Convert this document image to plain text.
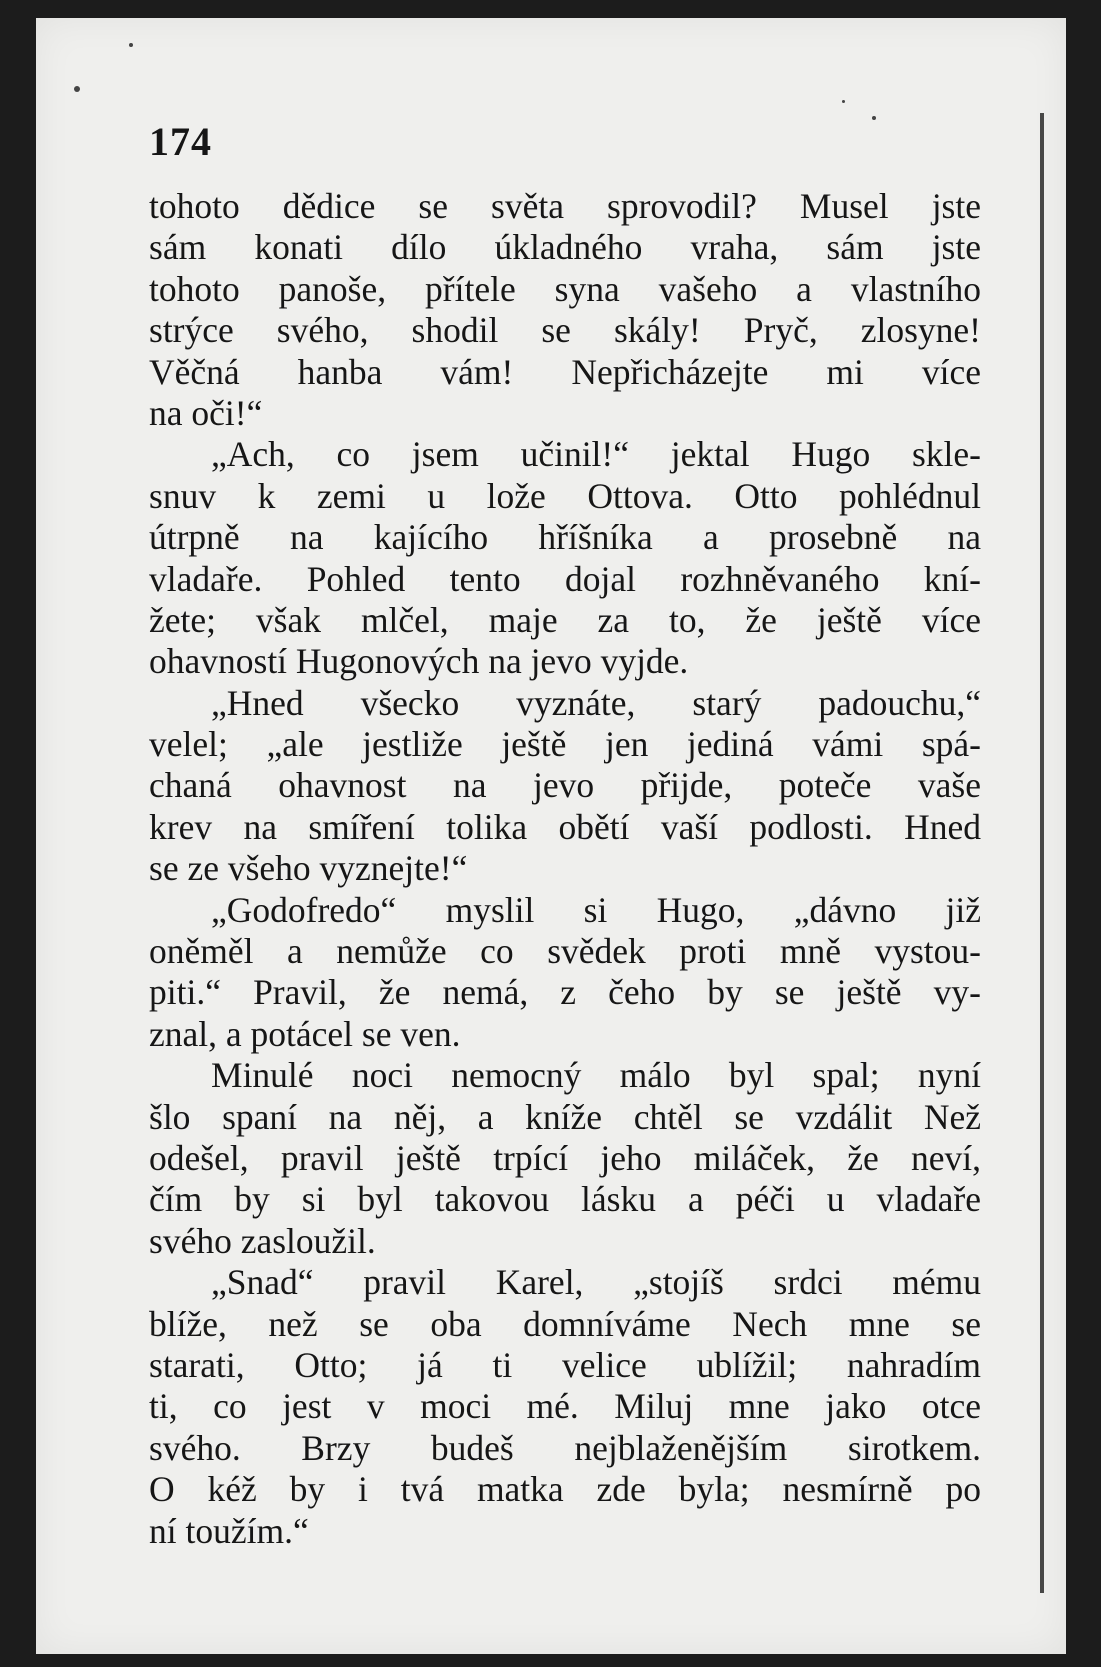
174
tohoto dědice se světa sprovodil? Musel jste
sám konati dílo úkladného vraha, sám jste
tohoto panoše, přítele syna vašeho a vlastního
strýce svého, shodil se skály! Pryč, zlosyne!
Věčná hanba vám! Nepřicházejte mi více
na oči!“
„Ach, co jsem učinil!“ jektal Hugo skle-
snuv k zemi u lože Ottova. Otto pohlédnul
útrpně na kajícího hříšníka a prosebně na
vladaře. Pohled tento dojal rozhněvaného kní-
žete; však mlčel, maje za to, že ještě více
ohavností Hugonových na jevo vyjde.
„Hned všecko vyznáte, starý padouchu,“
velel; „ale jestliže ještě jen jediná vámi spá-
chaná ohavnost na jevo přijde, poteče vaše
krev na smíření tolika obětí vaší podlosti. Hned
se ze všeho vyznejte!“
„Godofredo“ myslil si Hugo, „dávno již
oněměl a nemůže co svědek proti mně vystou-
piti.“ Pravil, že nemá, z čeho by se ještě vy-
znal, a potácel se ven.
Minulé noci nemocný málo byl spal; nyní
šlo spaní na něj, a kníže chtěl se vzdálit Než
odešel, pravil ještě trpící jeho miláček, že neví,
čím by si byl takovou lásku a péči u vladaře
svého zasloužil.
„Snad“ pravil Karel, „stojíš srdci mému
blíže, než se oba domníváme Nech mne se
starati, Otto; já ti velice ublížil; nahradím
ti, co jest v moci mé. Miluj mne jako otce
svého. Brzy budeš nejblaženějším sirotkem.
O kéž by i tvá matka zde byla; nesmírně po
ní toužím.“
